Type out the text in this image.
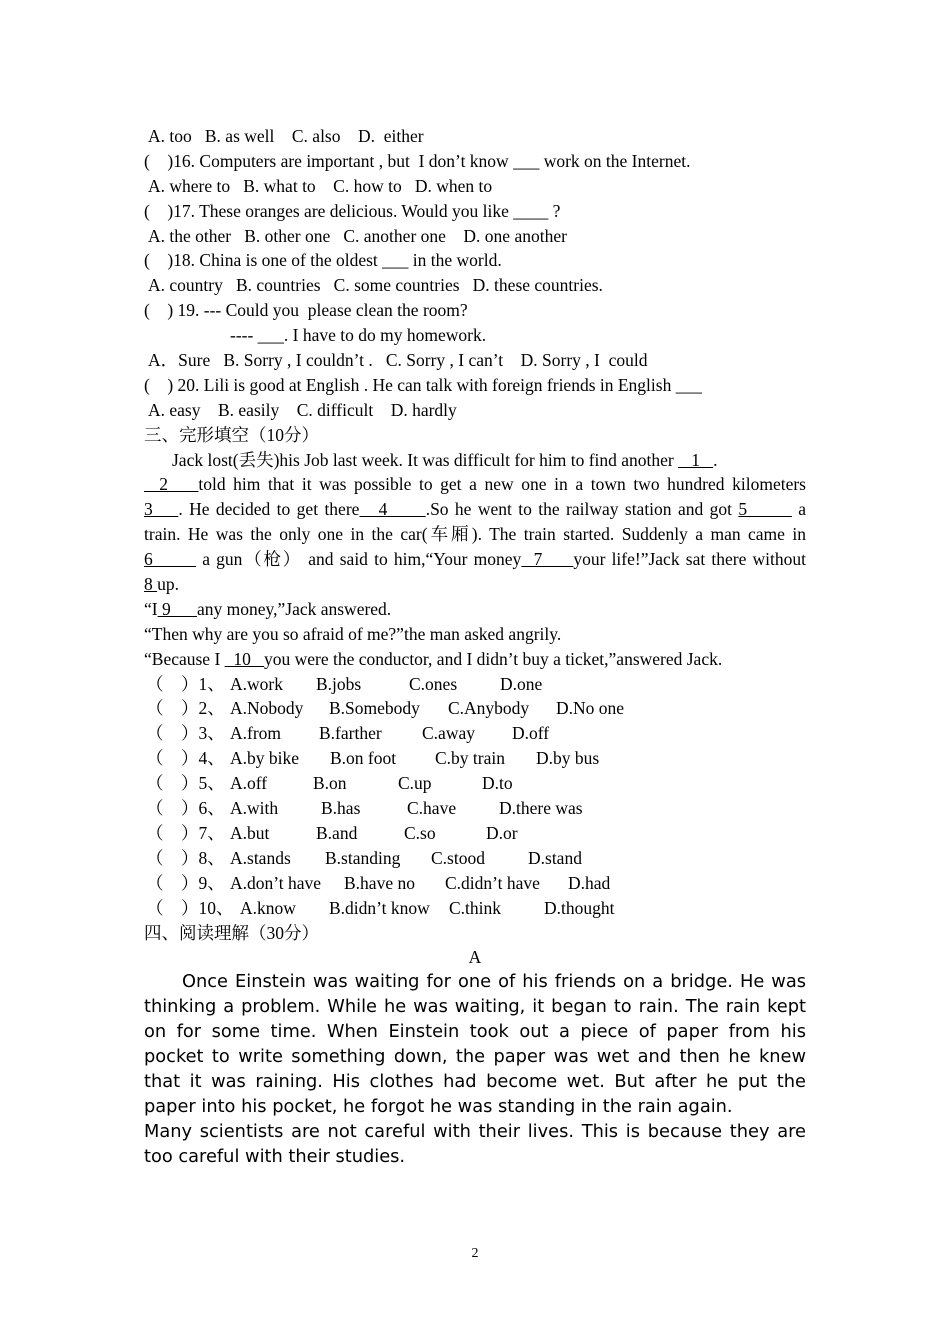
A. too   B. as well    C. also    D.  either
(    )16. Computers are important , but  I don’t know ___ work on the Internet.
A. where to   B. what to    C. how to   D. when to
(    )17. These oranges are delicious. Would you like ____ ?
A. the other   B. other one   C. another one    D. one another
(    )18. China is one of the oldest ___ in the world.
A. country   B. countries   C. some countries   D. these countries.
(    ) 19. --- Could you  please clean the room?
---- ___. I have to do my homework.
A．Sure   B. Sorry , I couldn’t .   C. Sorry , I can’t    D. Sorry , I  could
(    ) 20. Lili is good at English . He can talk with foreign friends in English ___
A. easy    B. easily    C. difficult    D. hardly
三、完形填空（10分）
Jack lost(丢失)his Job last week. It was difficult for him to find another    1   .
2    told him that it was possible to get a new one in a town two hundred kilometers
3    . He decided to get there   4      .So he went to the railway station and got 5        a
train. He was the only one in the car(车厢). The train started. Suddenly a man came in
6        a gun（枪） and said to him,“Your money  7     your life!”Jack sat there without
8 up.
“I 9      any money,”Jack answered.
“Then why are you so afraid of me?”the man asked angrily.
“Because I   10   you were the conductor, and I didn’t buy a ticket,”answered Jack.
（    ）1、 A.work B.jobs	C.ones D.one
（    ）2、 A.Nobody B.Somebody C.Anybody D.No one
（    ）3、 A.from B.farther C.away D.off
（    ）4、 A.by bike B.on foot C.by train D.by bus
（    ）5、 A.off	B.on	C.up	D.to
（    ）6、 A.with B.has	C.have D.there was
（    ）7、 A.but	B.and	C.so	D.or
（    ）8、 A.stands B.standing C.stood D.stand
（    ）9、 A.don’t have B.have no C.didn’t have D.had
（    ）10、 A.know B.didn’t know C.think D.thought
四、阅读理解（30分）
A

Once Einstein was waiting for one of his friends on a bridge. He was thinking a problem. While he was waiting, it began to rain. The rain kept on for some time. When Einstein took out a piece of paper from his pocket to write something down, the paper was wet and then he knew that it was raining. His clothes had become wet. But after he put the paper into his pocket, he forgot he was standing in the rain again.

Many scientists are not careful with their lives. This is because they are too careful with their studies.

2
